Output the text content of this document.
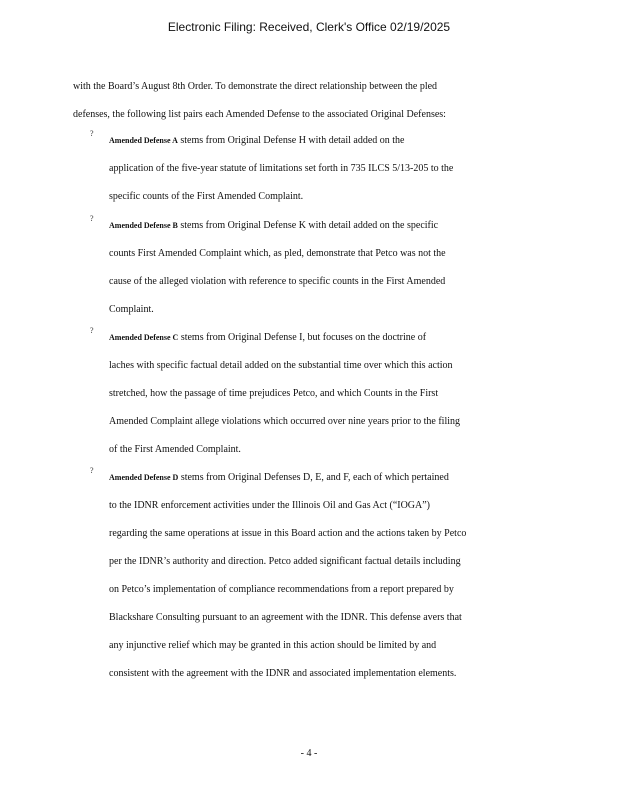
Electronic Filing: Received, Clerk's Office 02/19/2025
with the Board’s August 8th Order. To demonstrate the direct relationship between the pled
defenses, the following list pairs each Amended Defense to the associated Original Defenses:
?
Amended Defense A stems from Original Defense H with detail added on the
application of the five-year statute of limitations set forth in 735 ILCS 5/13-205 to the
specific counts of the First Amended Complaint.
?
Amended Defense B stems from Original Defense K with detail added on the specific
counts First Amended Complaint which, as pled, demonstrate that Petco was not the
cause of the alleged violation with reference to specific counts in the First Amended
Complaint.
?
Amended Defense C stems from Original Defense I, but focuses on the doctrine of
laches with specific factual detail added on the substantial time over which this action
stretched, how the passage of time prejudices Petco, and which Counts in the First
Amended Complaint allege violations which occurred over nine years prior to the filing
of the First Amended Complaint.
?
Amended Defense D stems from Original Defenses D, E, and F, each of which pertained
to the IDNR enforcement activities under the Illinois Oil and Gas Act (“IOGA”)
regarding the same operations at issue in this Board action and the actions taken by Petco
per the IDNR’s authority and direction. Petco added significant factual details including
on Petco’s implementation of compliance recommendations from a report prepared by
Blackshare Consulting pursuant to an agreement with the IDNR. This defense avers that
any injunctive relief which may be granted in this action should be limited by and
consistent with the agreement with the IDNR and associated implementation elements.
- 4 -
